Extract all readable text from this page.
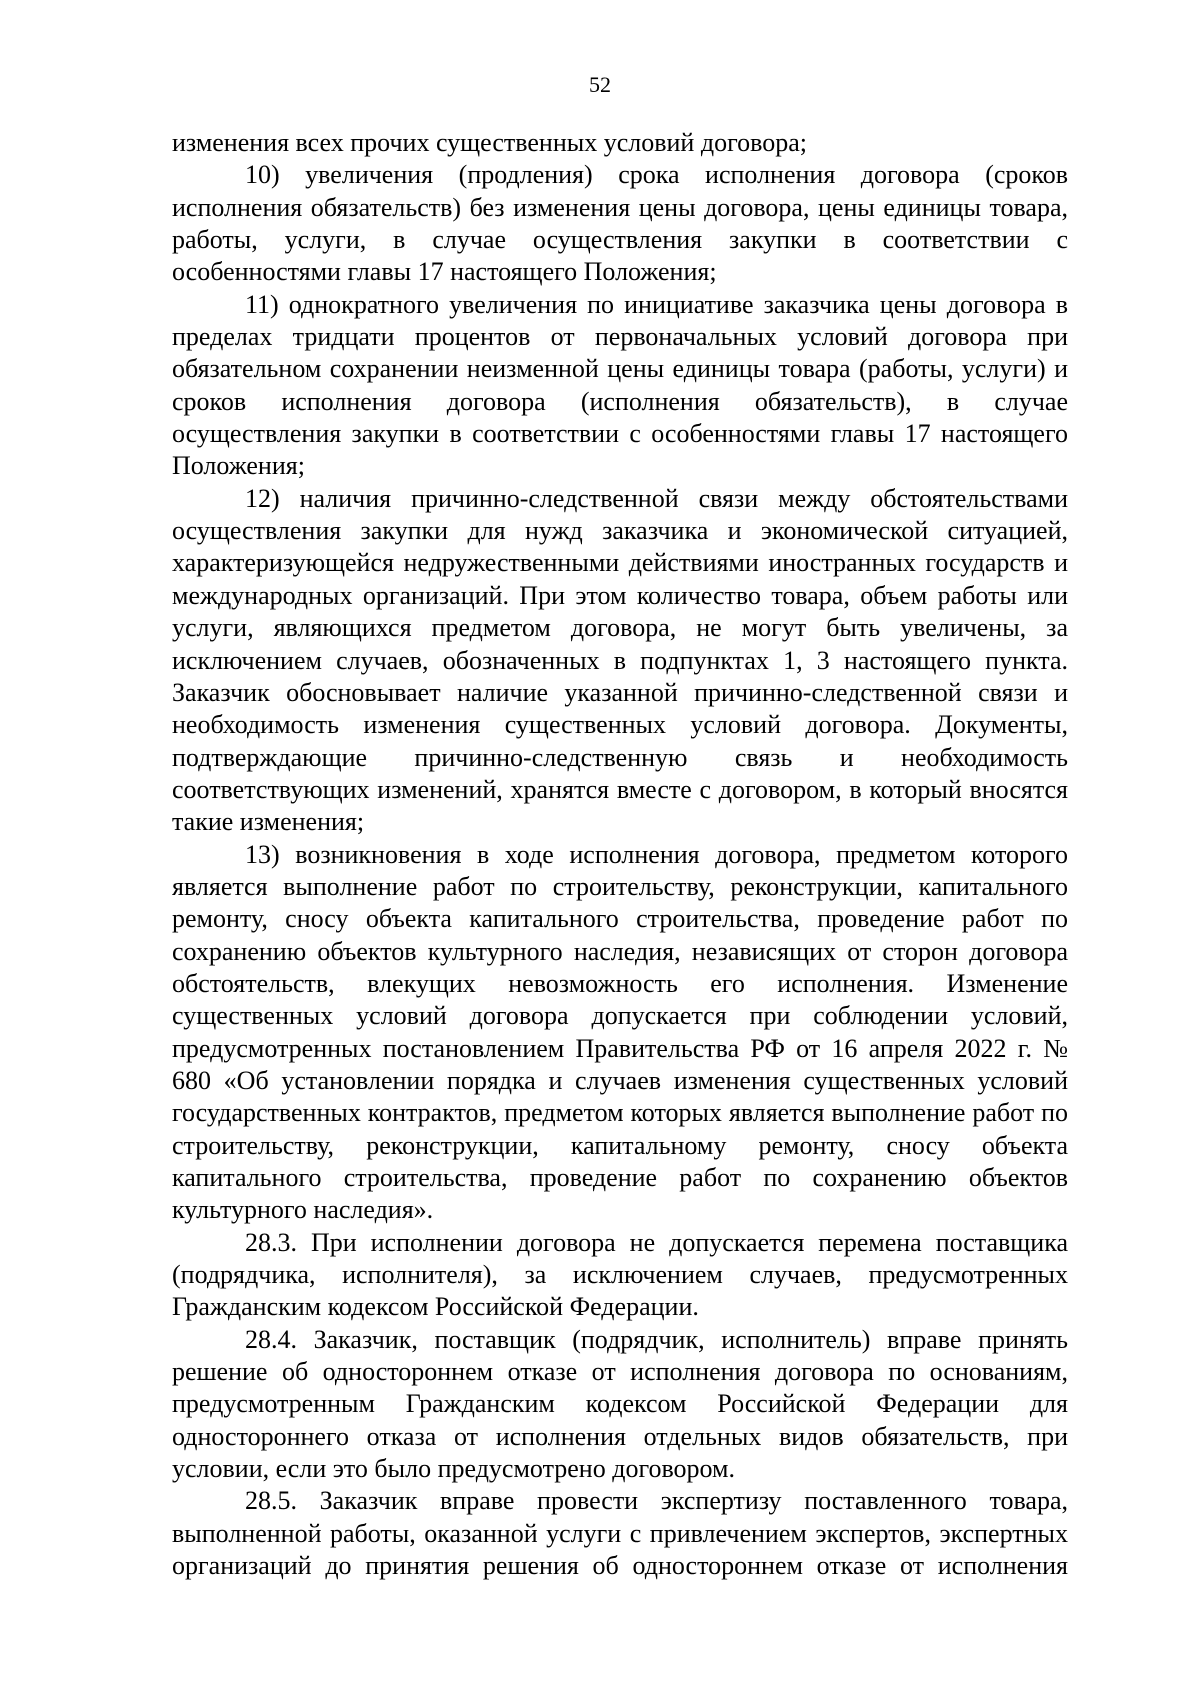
52

изменения всех прочих существенных условий договора;

10) увеличения (продления) срока исполнения договора (сроков исполнения обязательств) без изменения цены договора, цены единицы товара, работы, услуги, в случае осуществления закупки в соответствии с особенностями главы 17 настоящего Положения;

11) однократного увеличения по инициативе заказчика цены договора в пределах тридцати процентов от первоначальных условий договора при обязательном сохранении неизменной цены единицы товара (работы, услуги) и сроков исполнения договора (исполнения обязательств), в случае осуществления закупки в соответствии с особенностями главы 17 настоящего Положения;

12) наличия причинно-следственной связи между обстоятельствами осуществления закупки для нужд заказчика и экономической ситуацией, характеризующейся недружественными действиями иностранных государств и международных организаций. При этом количество товара, объем работы или услуги, являющихся предметом договора, не могут быть увеличены, за исключением случаев, обозначенных в подпунктах 1, 3 настоящего пункта. Заказчик обосновывает наличие указанной причинно-следственной связи и необходимость изменения существенных условий договора. Документы, подтверждающие причинно-следственную связь и необходимость соответствующих изменений, хранятся вместе с договором, в который вносятся такие изменения;

13) возникновения в ходе исполнения договора, предметом которого является выполнение работ по строительству, реконструкции, капитального ремонту, сносу объекта капитального строительства, проведение работ по сохранению объектов культурного наследия, независящих от сторон договора обстоятельств, влекущих невозможность его исполнения. Изменение существенных условий договора допускается при соблюдении условий, предусмотренных постановлением Правительства РФ от 16 апреля 2022 г. № 680 «Об установлении порядка и случаев изменения существенных условий государственных контрактов, предметом которых является выполнение работ по строительству, реконструкции, капитальному ремонту, сносу объекта капитального строительства, проведение работ по сохранению объектов культурного наследия».

28.3. При исполнении договора не допускается перемена поставщика (подрядчика, исполнителя), за исключением случаев, предусмотренных Гражданским кодексом Российской Федерации.

28.4. Заказчик, поставщик (подрядчик, исполнитель) вправе принять решение об одностороннем отказе от исполнения договора по основаниям, предусмотренным Гражданским кодексом Российской Федерации для одностороннего отказа от исполнения отдельных видов обязательств, при условии, если это было предусмотрено договором.

28.5. Заказчик вправе провести экспертизу поставленного товара, выполненной работы, оказанной услуги с привлечением экспертов, экспертных организаций до принятия решения об одностороннем отказе от исполнения
